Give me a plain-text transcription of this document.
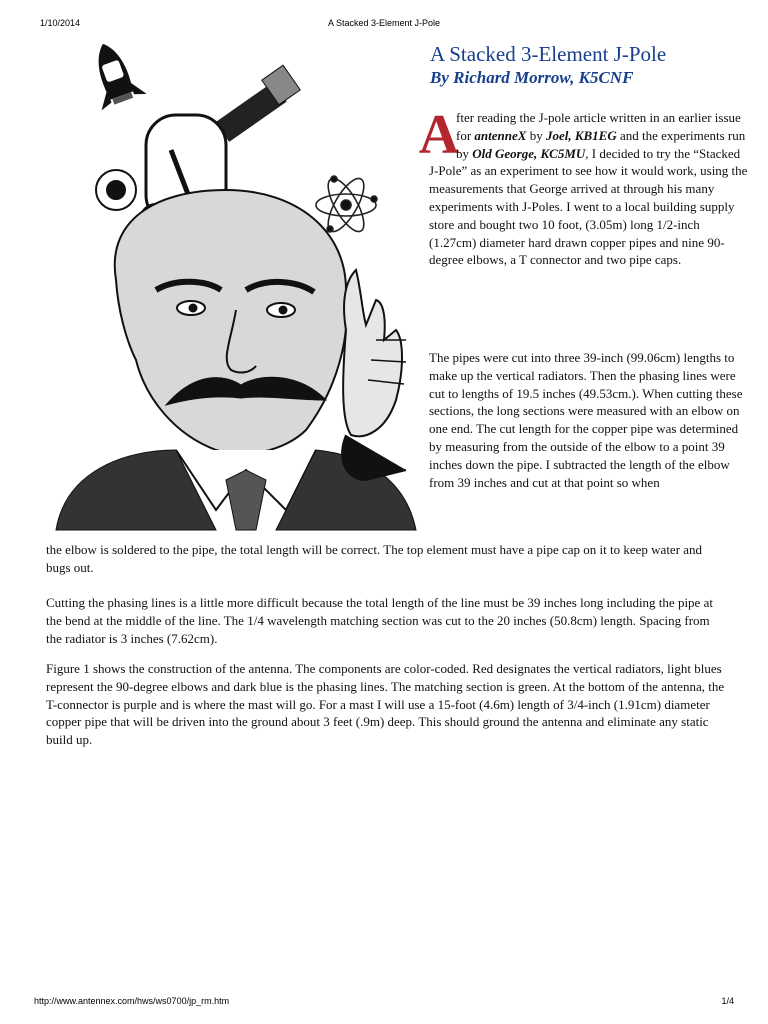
1/10/2014	A Stacked 3-Element J-Pole
A Stacked 3-Element J-Pole
By Richard Morrow, K5CNF

A
fter reading the J-pole article written in an earlier issue for antenneX by Joel, KB1EG and the experiments run by Old George, KC5MU, I decided to try the “Stacked J-Pole” as an experiment to see how it would work, using the measurements that George arrived at through his many experiments with J-Poles. I went to a local building supply store and bought two 10 foot, (3.05m) long 1/2-inch (1.27cm) diameter hard drawn copper pipes and nine 90-degree elbows, a T connector and two pipe caps.

The pipes were cut into three 39-inch (99.06cm) lengths to make up the vertical radiators. Then the phasing lines were cut to lengths of 19.5 inches (49.53cm.). When cutting these sections, the long sections were measured with an elbow on one end. The cut length for the copper pipe was determined by measuring from the outside of the elbow to a point 39 inches down the pipe. I subtracted the length of the elbow from 39 inches and cut at that point so when

the elbow is soldered to the pipe, the total length will be correct. The top element must have a pipe cap on it to keep water and bugs out.

Cutting the phasing lines is a little more difficult because the total length of the line must be 39 inches long including the pipe at the bend at the middle of the line. The 1/4 wavelength matching section was cut to the 20 inches (50.8cm) length. Spacing from the radiator is 3 inches (7.62cm).

Figure 1 shows the construction of the antenna. The components are color-coded. Red designates the vertical radiators, light blues represent the 90-degree elbows and dark blue is the phasing lines. The matching section is green. At the bottom of the antenna, the T-connector is purple and is where the mast will go. For a mast I will use a 15-foot (4.6m) length of 3/4-inch (1.91cm) diameter copper pipe that will be driven into the ground about 3 feet (.9m) deep. This should ground the antenna and eliminate any static build up.

http://www.antennex.com/hws/ws0700/jp_rm.htm	1/4
